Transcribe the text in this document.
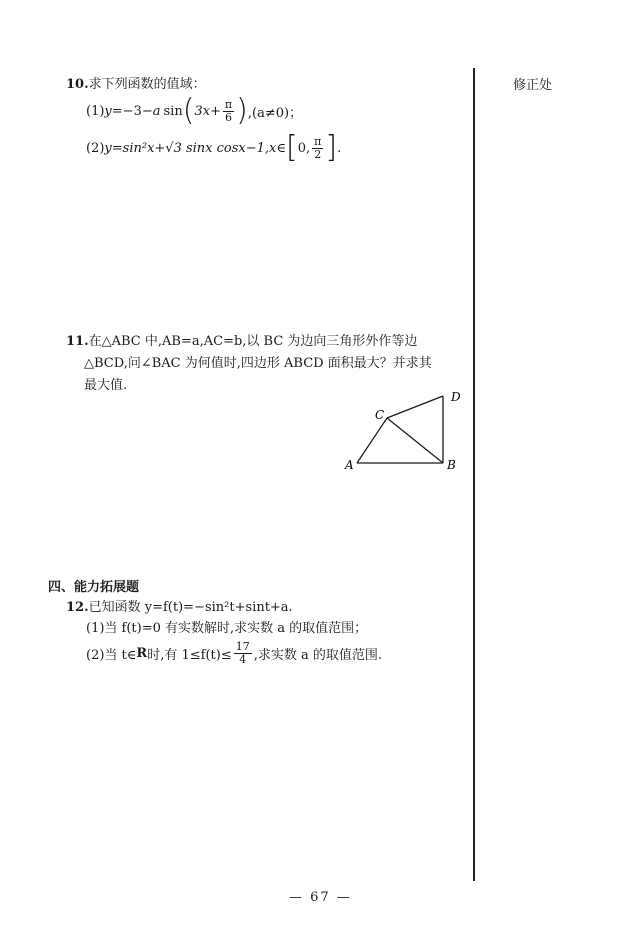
修正处
10.求下列函数的值域：
(1) y =−3− a sin ( $3x+ \frac{\pi}{6}$ ) ,(a≠0)；
(2) y=sin²x+√3 sinx cosx−1,x∈ [ 0, $\frac{\pi}{2}$ ] .
11.在△ABC 中,AB=a,AC=b,以 BC 为边向三角形外作等边
△BCD,问∠BAC 为何值时,四边形 ABCD 面积最大？并求其
最大值.
A	B
C
D
四、能力拓展题
12.已知函数 y=f(t)=−sin²t+sint+a.
(1)当 f(t)=0 有实数解时,求实数 a 的取值范围；
(2)当 t∈ R 时,有 $1\le f(t)\le \frac{17}{4}$ ,求实数 a 的取值范围.
— 67 —
